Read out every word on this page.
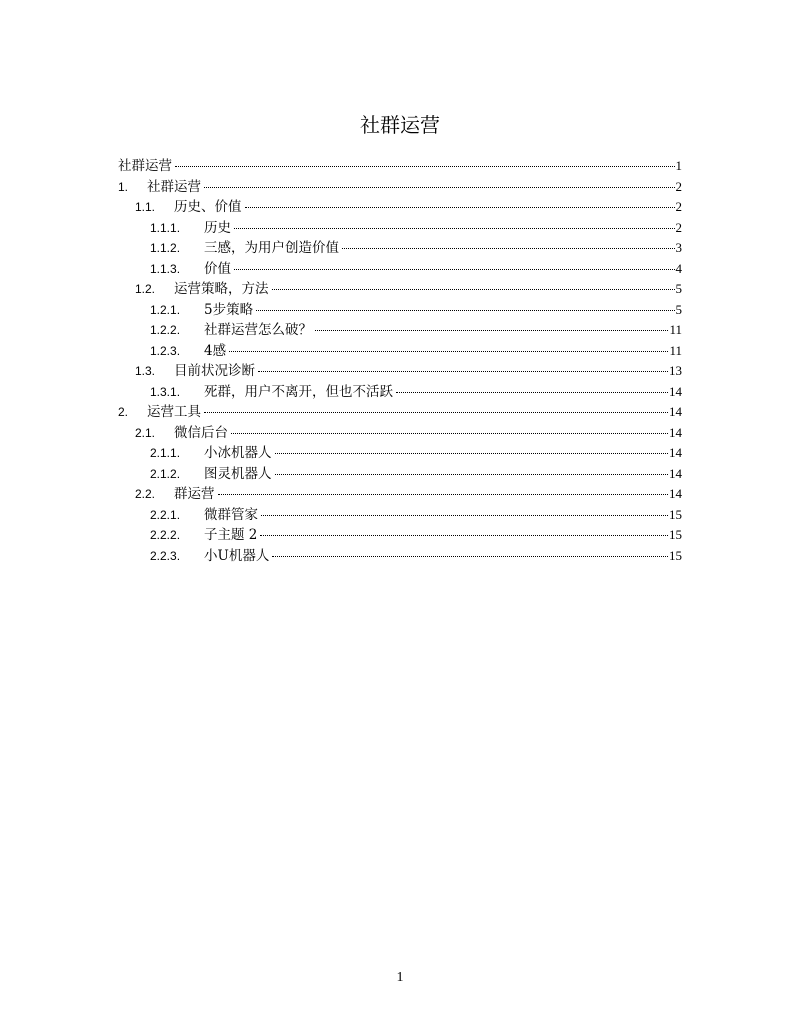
社群运营
社群运营	1
1.	社群运营	2
1.1.	历史、价值	2
1.1.1.	历史	2
1.1.2.	三感，为用户创造价值	3
1.1.3.	价值	4
1.2.	运营策略，方法	5
1.2.1.	5步策略	5
1.2.2.	社群运营怎么破？	11
1.2.3.	4感	11
1.3.	目前状况诊断	13
1.3.1.	死群，用户不离开，但也不活跃	14
2.	运营工具	14
2.1.	微信后台	14
2.1.1.	小冰机器人	14
2.1.2.	图灵机器人	14
2.2.	群运营	14
2.2.1.	微群管家	15
2.2.2.	子主题 2	15
2.2.3.	小U机器人	15
1
